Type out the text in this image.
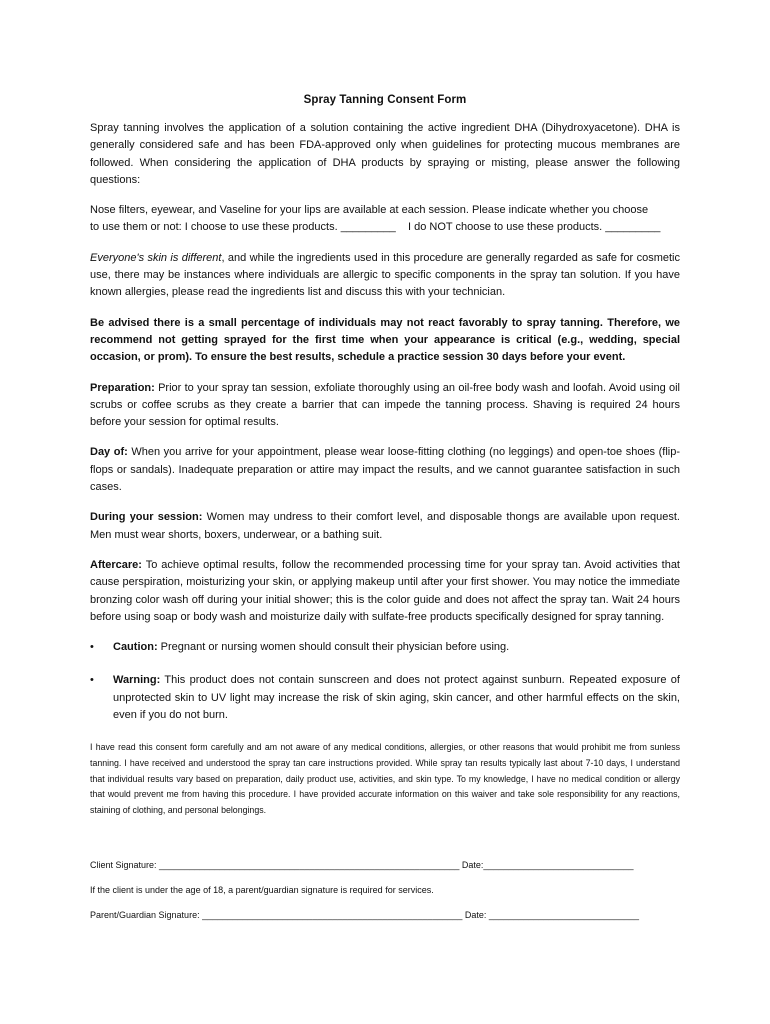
Spray Tanning Consent Form

Spray tanning involves the application of a solution containing the active ingredient DHA (Dihydroxyacetone). DHA is generally considered safe and has been FDA-approved only when guidelines for protecting mucous membranes are followed. When considering the application of DHA products by spraying or misting, please answer the following questions:

Nose filters, eyewear, and Vaseline for your lips are available at each session. Please indicate whether you choose
to use them or not: I choose to use these products. _________    I do NOT choose to use these products. _________

Everyone's skin is different, and while the ingredients used in this procedure are generally regarded as safe for cosmetic use, there may be instances where individuals are allergic to specific components in the spray tan solution. If you have known allergies, please read the ingredients list and discuss this with your technician.

Be advised there is a small percentage of individuals may not react favorably to spray tanning. Therefore, we recommend not getting sprayed for the first time when your appearance is critical (e.g., wedding, special occasion, or prom). To ensure the best results, schedule a practice session 30 days before your event.

Preparation: Prior to your spray tan session, exfoliate thoroughly using an oil-free body wash and loofah. Avoid using oil scrubs or coffee scrubs as they create a barrier that can impede the tanning process. Shaving is required 24 hours before your session for optimal results.

Day of: When you arrive for your appointment, please wear loose-fitting clothing (no leggings) and open-toe shoes (flip-flops or sandals). Inadequate preparation or attire may impact the results, and we cannot guarantee satisfaction in such cases.

During your session: Women may undress to their comfort level, and disposable thongs are available upon request. Men must wear shorts, boxers, underwear, or a bathing suit.

Aftercare: To achieve optimal results, follow the recommended processing time for your spray tan. Avoid activities that cause perspiration, moisturizing your skin, or applying makeup until after your first shower. You may notice the immediate bronzing color wash off during your initial shower; this is the color guide and does not affect the spray tan. Wait 24 hours before using soap or body wash and moisturize daily with sulfate-free products specifically designed for spray tanning.

• Caution: Pregnant or nursing women should consult their physician before using.
• Warning: This product does not contain sunscreen and does not protect against sunburn. Repeated exposure of unprotected skin to UV light may increase the risk of skin aging, skin cancer, and other harmful effects on the skin, even if you do not burn.

I have read this consent form carefully and am not aware of any medical conditions, allergies, or other reasons that would prohibit me from sunless tanning. I have received and understood the spray tan care instructions provided. While spray tan results typically last about 7-10 days, I understand that individual results vary based on preparation, daily product use, activities, and skin type. To my knowledge, I have no medical condition or allergy that would prevent me from having this procedure. I have provided accurate information on this waiver and take sole responsibility for any reactions, staining of clothing, and personal belongings.

Client Signature: ____________________________________________________________ Date:______________________________

If the client is under the age of 18, a parent/guardian signature is required for services.

Parent/Guardian Signature: ____________________________________________________ Date: ______________________________
